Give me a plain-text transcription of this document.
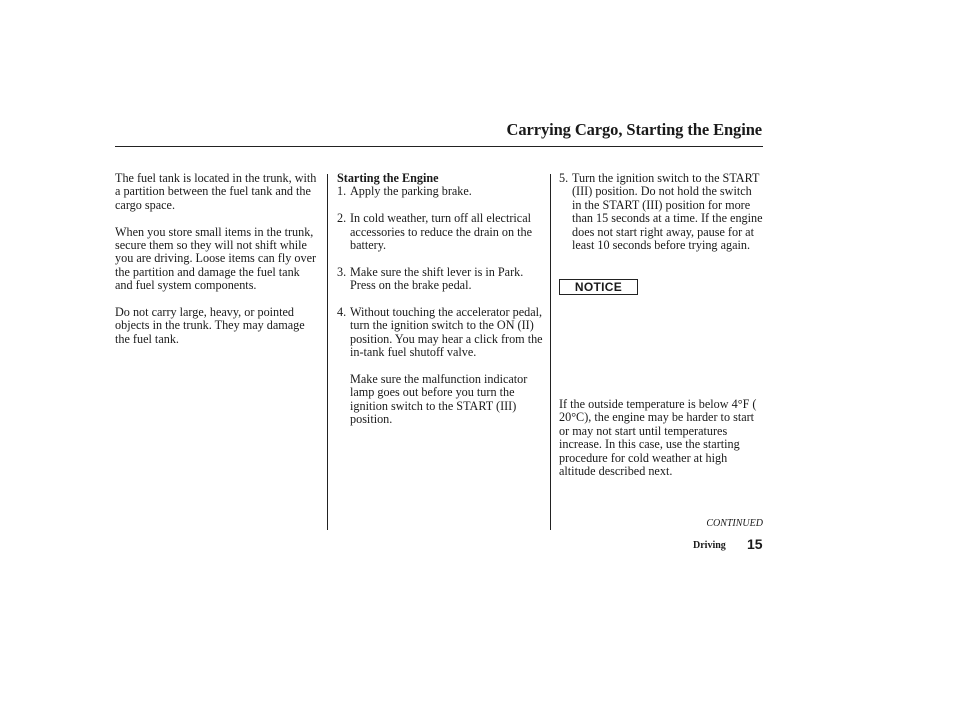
Carrying Cargo, Starting the Engine

The fuel tank is located in the trunk, with a partition between the fuel tank and the cargo space.

When you store small items in the trunk, secure them so they will not shift while you are driving. Loose items can fly over the partition and damage the fuel tank and fuel system components.

Do not carry large, heavy, or pointed objects in the trunk. They may damage the fuel tank.

Starting the Engine
1. Apply the parking brake.
2. In cold weather, turn off all electrical accessories to reduce the drain on the battery.
3. Make sure the shift lever is in Park. Press on the brake pedal.
4. Without touching the accelerator pedal, turn the ignition switch to the ON (II) position. You may hear a click from the in-tank fuel shutoff valve.
Make sure the malfunction indicator lamp goes out before you turn the ignition switch to the START (III) position.
5. Turn the ignition switch to the START (III) position. Do not hold the switch in the START (III) position for more than 15 seconds at a time. If the engine does not start right away, pause for at least 10 seconds before trying again.
NOTICE
If the outside temperature is below 4°F ( 20°C), the engine may be harder to start or may not start until temperatures increase. In this case, use the starting procedure for cold weather at high altitude described next.
CONTINUED
Driving 15
